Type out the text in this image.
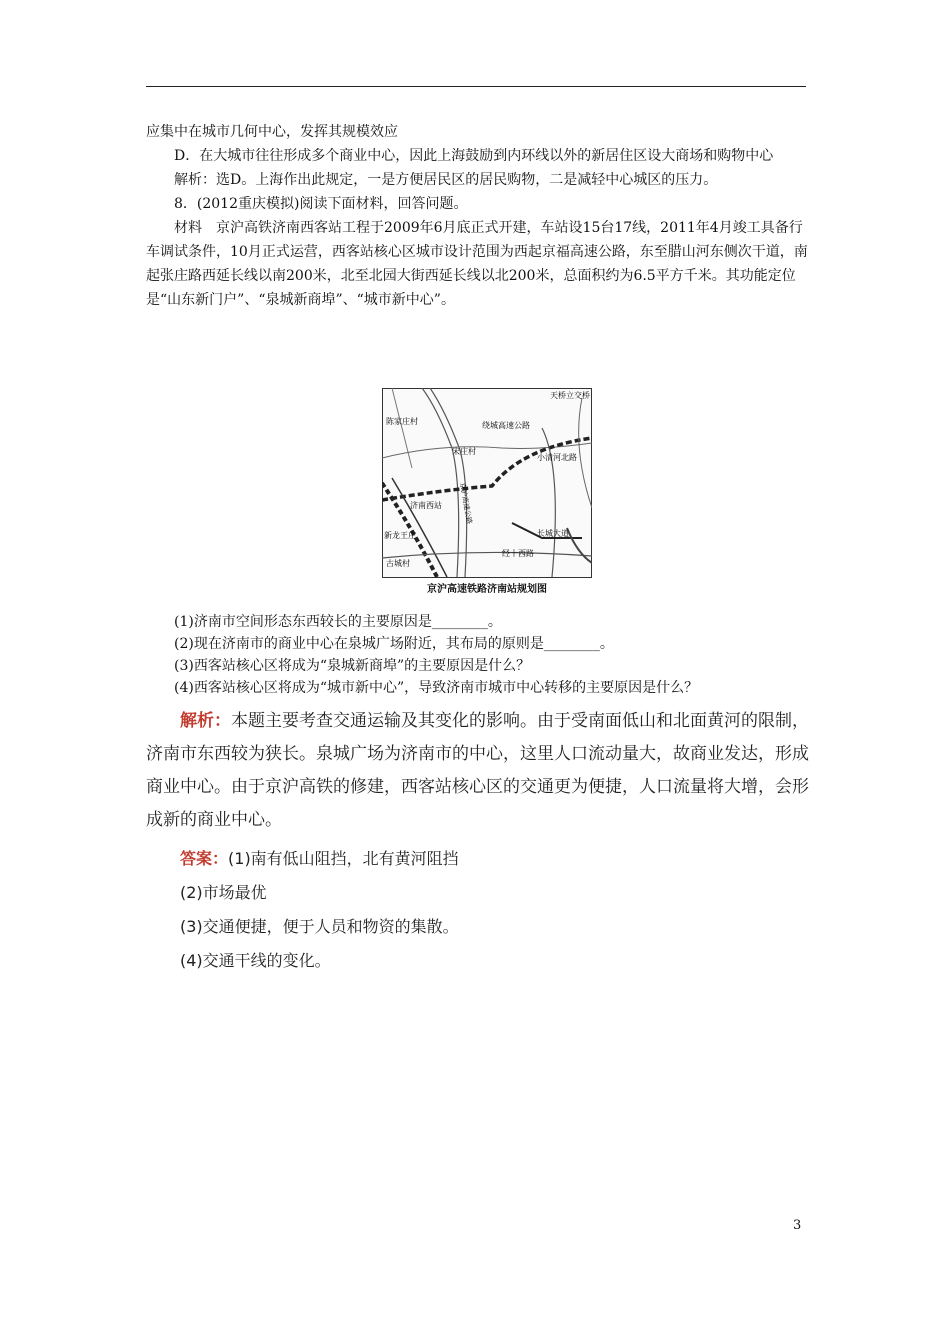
应集中在城市几何中心，发挥其规模效应

D．在大城市往往形成多个商业中心，因此上海鼓励到内环线以外的新居住区设大商场和购物中心

解析：选D。上海作出此规定，一是方便居民区的居民购物，二是减轻中心城区的压力。

8．(2012重庆模拟)阅读下面材料，回答问题。

材料　京沪高铁济南西客站工程于2009年6月底正式开建，车站设15台17线，2011年4月竣工具备行车调试条件，10月正式运营，西客站核心区城市设计范围为西起京福高速公路，东至腊山河东侧次干道，南起张庄路西延长线以南200米，北至北园大街西延长线以北200米，总面积约为6.5平方千米。其功能定位是“山东新门户”、“泉城新商埠”、“城市新中心”。

天桥立交桥
绕城高速公路
陈家庄村
宋庄村
小清河北路
京沪高速公路
济南西站
新龙王庄	长城大道
经十西路
古城村
京沪高速铁路济南站规划图
(1)济南市空间形态东西较长的主要原因是________。
(2)现在济南市的商业中心在泉城广场附近，其布局的原则是________。
(3)西客站核心区将成为“泉城新商埠”的主要原因是什么？
(4)西客站核心区将成为“城市新中心”，导致济南市城市中心转移的主要原因是什么？
解析：本题主要考查交通运输及其变化的影响。由于受南面低山和北面黄河的限制，济南市东西较为狭长。泉城广场为济南市的中心，这里人口流动量大，故商业发达，形成商业中心。由于京沪高铁的修建，西客站核心区的交通更为便捷，人口流量将大增，会形成新的商业中心。
答案：(1)南有低山阻挡，北有黄河阻挡
(2)市场最优
(3)交通便捷，便于人员和物资的集散。
(4)交通干线的变化。
3
